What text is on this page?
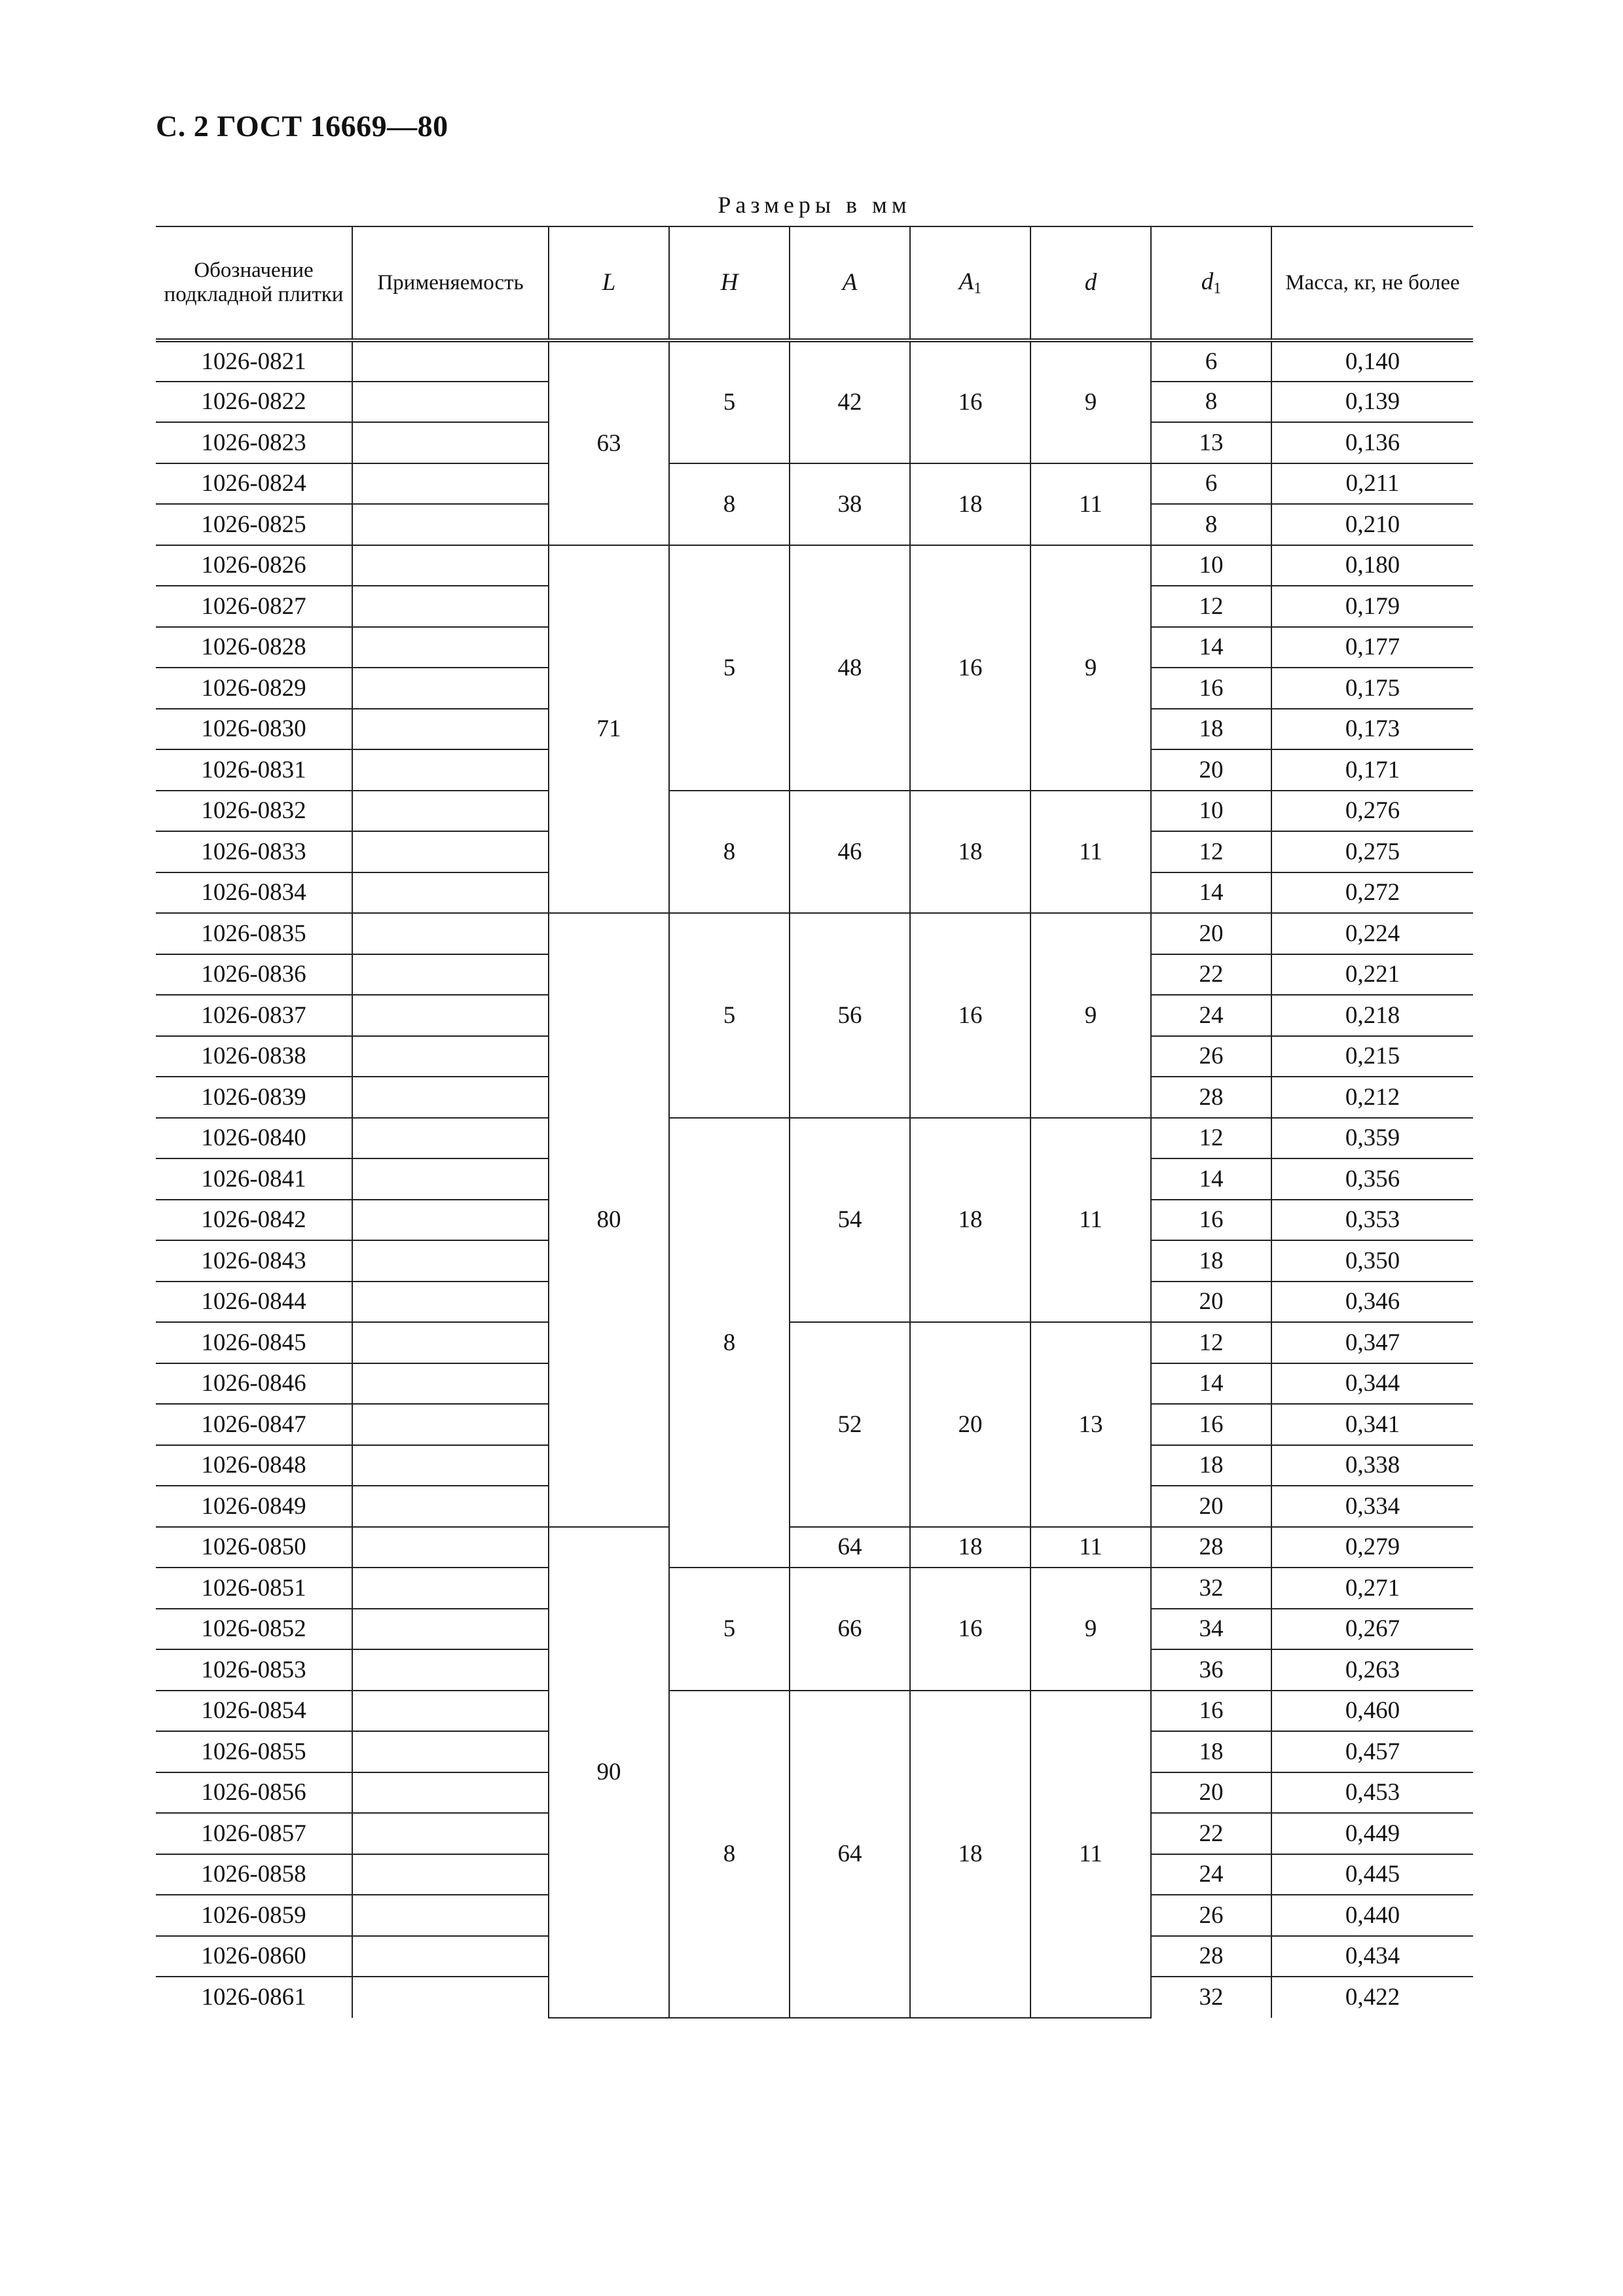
С. 2 ГОСТ 16669—80
Размеры в мм
Обозначение подкладной плитки	Применяемость	L	H	A	$A_1$	d	$d_1$	Масса, кг, не более
1026-0821		63	5	42	16	9	6	0,140
1026-0822							8	0,139
1026-0823							13	0,136
1026-0824			8	38	18	11	6	0,211
1026-0825							8	0,210
1026-0826		71	5	48	16	9	10	0,180
1026-0827							12	0,179
1026-0828							14	0,177
1026-0829							16	0,175
1026-0830							18	0,173
1026-0831							20	0,171
1026-0832			8	46	18	11	10	0,276
1026-0833							12	0,275
1026-0834							14	0,272
1026-0835		80	5	56	16	9	20	0,224
1026-0836							22	0,221
1026-0837							24	0,218
1026-0838							26	0,215
1026-0839							28	0,212
1026-0840			8	54	18	11	12	0,359
1026-0841							14	0,356
1026-0842							16	0,353
1026-0843							18	0,350
1026-0844							20	0,346
1026-0845				52	20	13	12	0,347
1026-0846							14	0,344
1026-0847							16	0,341
1026-0848							18	0,338
1026-0849							20	0,334
1026-0850		90		64	18	11	28	0,279
1026-0851			5	66	16	9	32	0,271
1026-0852							34	0,267
1026-0853							36	0,263
1026-0854			8	64	18	11	16	0,460
1026-0855							18	0,457
1026-0856							20	0,453
1026-0857							22	0,449
1026-0858							24	0,445
1026-0859							26	0,440
1026-0860							28	0,434
1026-0861							32	0,422
